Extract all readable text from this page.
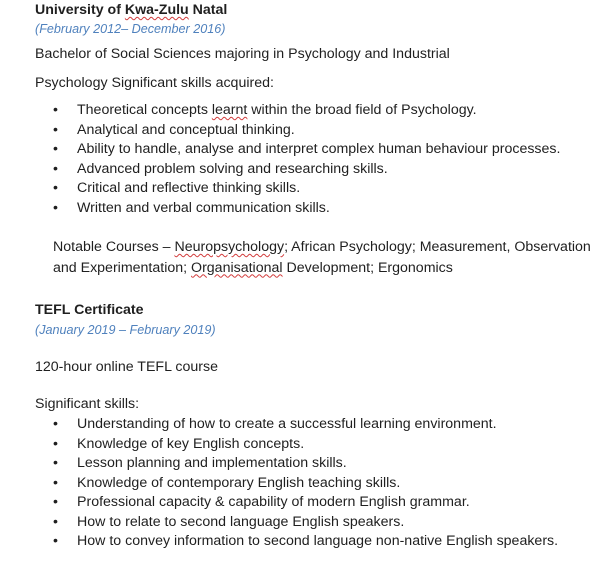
University of Kwa-Zulu Natal
(February 2012– December 2016)
Bachelor of Social Sciences majoring in Psychology and Industrial
Psychology Significant skills acquired:
• Theoretical concepts learnt within the broad field of Psychology.
• Analytical and conceptual thinking.
• Ability to handle, analyse and interpret complex human behaviour processes.
• Advanced problem solving and researching skills.
• Critical and reflective thinking skills.
• Written and verbal communication skills.
Notable Courses – Neuropsychology; African Psychology; Measurement, Observation and Experimentation; Organisational Development; Ergonomics
TEFL Certificate
(January 2019 – February 2019)
120-hour online TEFL course
Significant skills:
• Understanding of how to create a successful learning environment.
• Knowledge of key English concepts.
• Lesson planning and implementation skills.
• Knowledge of contemporary English teaching skills.
• Professional capacity & capability of modern English grammar.
• How to relate to second language English speakers.
• How to convey information to second language non-native English speakers.
